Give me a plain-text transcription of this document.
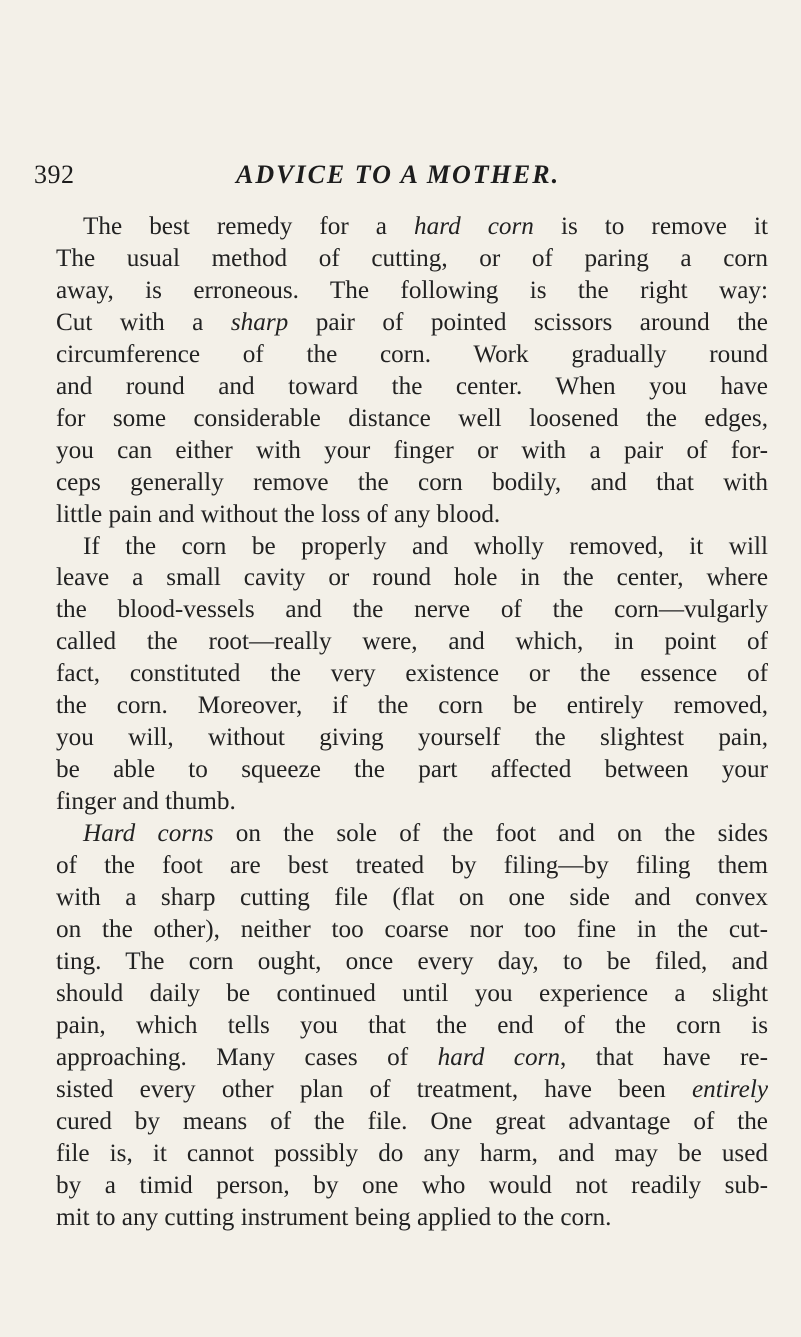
392	ADVICE TO A MOTHER.
The best remedy for a hard corn is to remove it
The usual method of cutting, or of paring a corn
away, is erroneous. The following is the right way:
Cut with a sharp pair of pointed scissors around the
circumference of the corn. Work gradually round
and round and toward the center. When you have
for some considerable distance well loosened the edges,
you can either with your finger or with a pair of for-
ceps generally remove the corn bodily, and that with
little pain and without the loss of any blood.
If the corn be properly and wholly removed, it will
leave a small cavity or round hole in the center, where
the blood-vessels and the nerve of the corn—vulgarly
called the root—really were, and which, in point of
fact, constituted the very existence or the essence of
the corn. Moreover, if the corn be entirely removed,
you will, without giving yourself the slightest pain,
be able to squeeze the part affected between your
finger and thumb.
Hard corns on the sole of the foot and on the sides
of the foot are best treated by filing—by filing them
with a sharp cutting file (flat on one side and convex
on the other), neither too coarse nor too fine in the cut-
ting. The corn ought, once every day, to be filed, and
should daily be continued until you experience a slight
pain, which tells you that the end of the corn is
approaching. Many cases of hard corn, that have re-
sisted every other plan of treatment, have been entirely
cured by means of the file. One great advantage of the
file is, it cannot possibly do any harm, and may be used
by a timid person, by one who would not readily sub-
mit to any cutting instrument being applied to the corn.
